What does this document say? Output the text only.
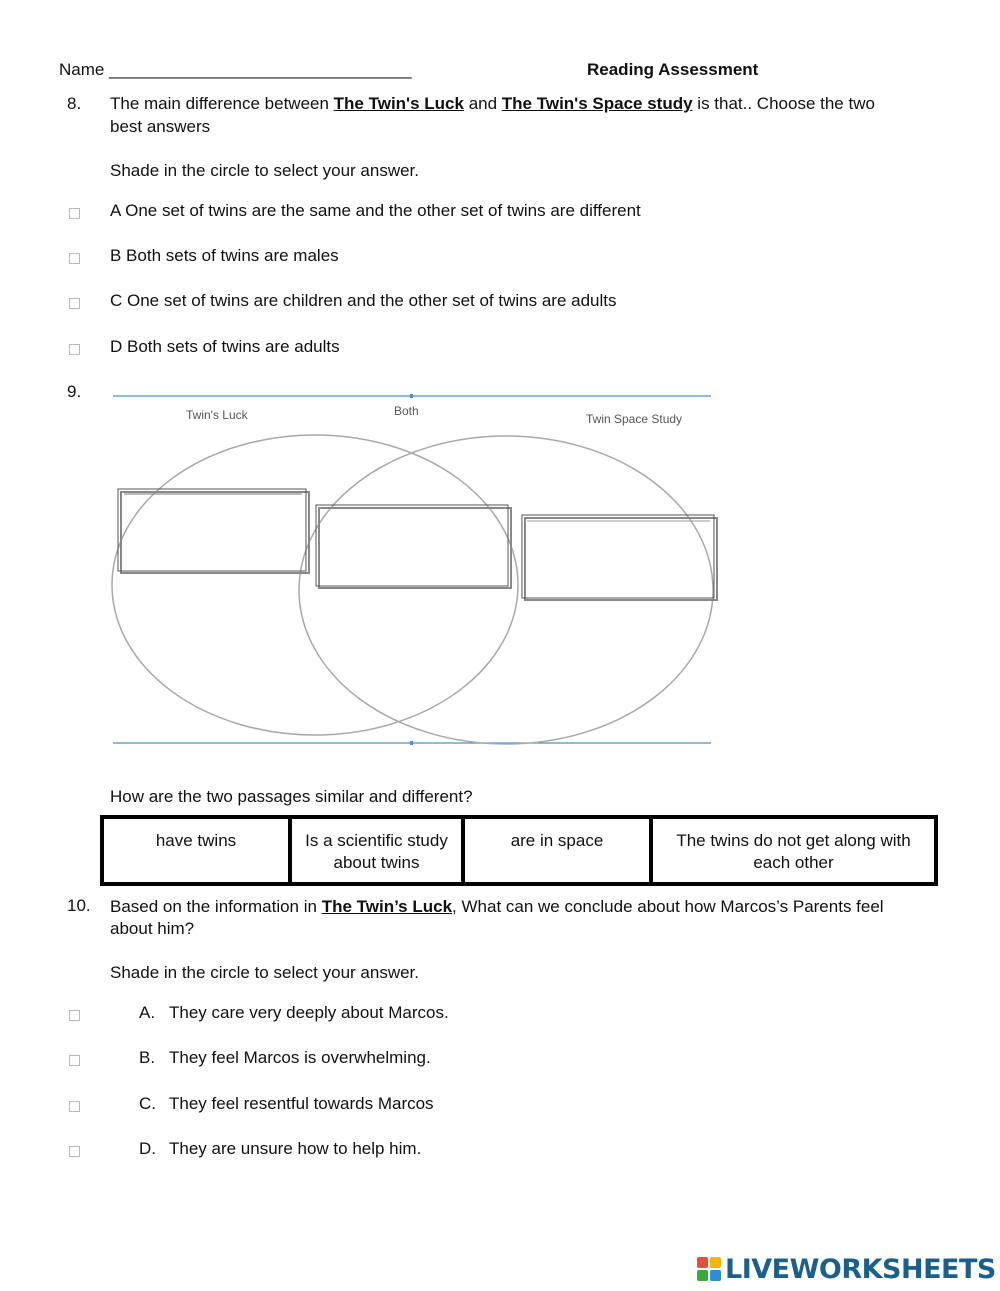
Name ________________________________	Reading Assessment
8. The main difference between The Twin's Luck and The Twin's Space study is that.. Choose the two
best answers
Shade in the circle to select your answer.
A One set of twins are the same and the other set of twins are different
B Both sets of twins are males
C One set of twins are children and the other set of twins are adults
D Both sets of twins are adults
9.
Twin's Luck	Both
Twin Space Study
How are the two passages similar and different?
have twins	Is a scientific study about twins	are in space	The twins do not get along with each other
10. Based on the information in The Twin’s Luck, What can we conclude about how Marcos’s Parents feel
about him?
Shade in the circle to select your answer.
A. They care very deeply about Marcos.
B. They feel Marcos is overwhelming.
C. They feel resentful towards Marcos
D. They are unsure how to help him.
LIVEWORKSHEETS
